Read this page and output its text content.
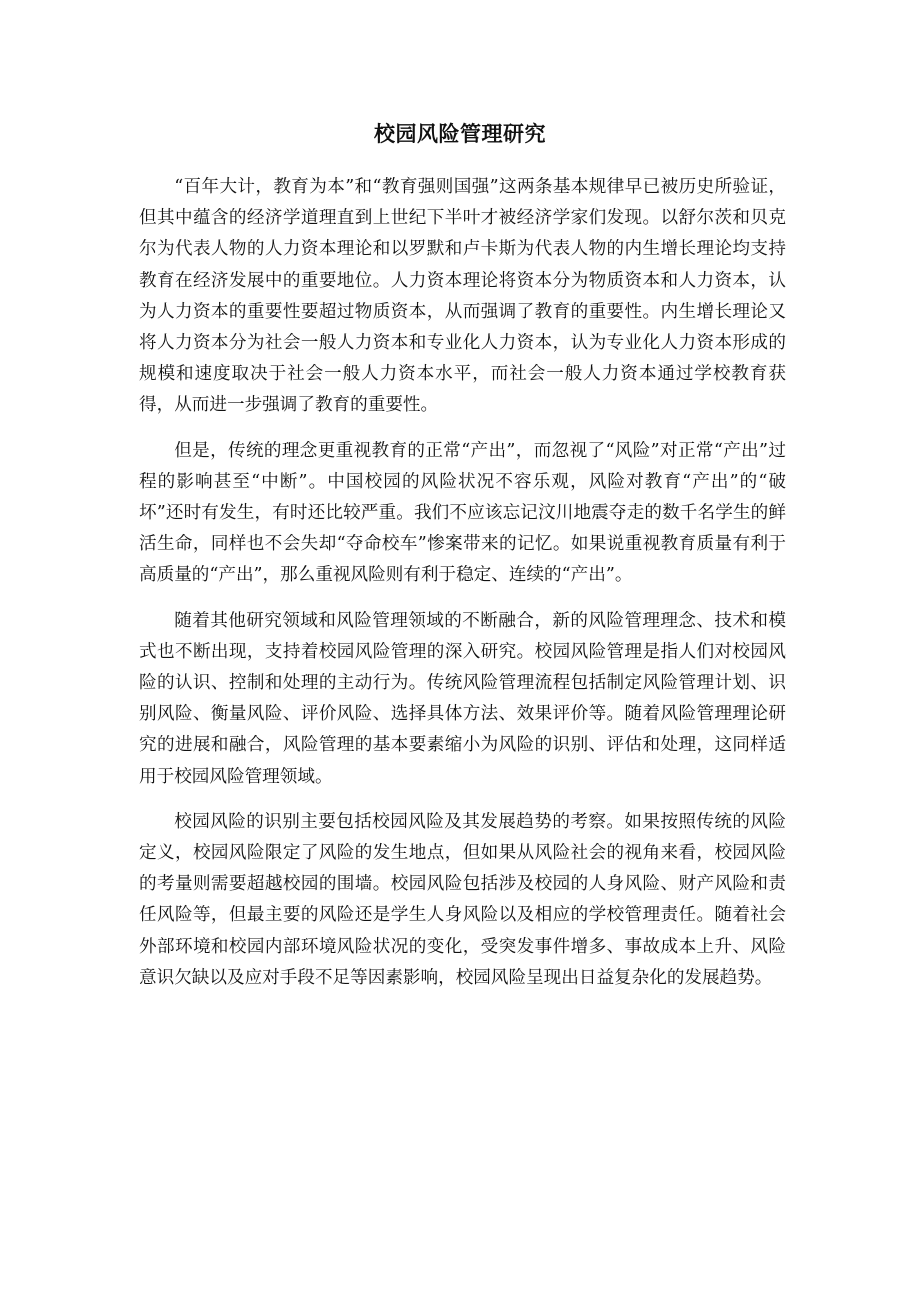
校园风险管理研究

“百年大计，教育为本”和“教育强则国强”这两条基本规律早已被历史所验证，但其中蕴含的经济学道理直到上世纪下半叶才被经济学家们发现。以舒尔茨和贝克尔为代表人物的人力资本理论和以罗默和卢卡斯为代表人物的内生增长理论均支持教育在经济发展中的重要地位。人力资本理论将资本分为物质资本和人力资本，认为人力资本的重要性要超过物质资本，从而强调了教育的重要性。内生增长理论又将人力资本分为社会一般人力资本和专业化人力资本，认为专业化人力资本形成的规模和速度取决于社会一般人力资本水平，而社会一般人力资本通过学校教育获得，从而进一步强调了教育的重要性。

但是，传统的理念更重视教育的正常“产出”，而忽视了“风险”对正常“产出”过程的影响甚至“中断”。中国校园的风险状况不容乐观，风险对教育“产出”的“破坏”还时有发生，有时还比较严重。我们不应该忘记汶川地震夺走的数千名学生的鲜活生命，同样也不会失却“夺命校车”惨案带来的记忆。如果说重视教育质量有利于高质量的“产出”，那么重视风险则有利于稳定、连续的“产出”。

随着其他研究领域和风险管理领域的不断融合，新的风险管理理念、技术和模式也不断出现，支持着校园风险管理的深入研究。校园风险管理是指人们对校园风险的认识、控制和处理的主动行为。传统风险管理流程包括制定风险管理计划、识别风险、衡量风险、评价风险、选择具体方法、效果评价等。随着风险管理理论研究的进展和融合，风险管理的基本要素缩小为风险的识别、评估和处理，这同样适用于校园风险管理领域。

校园风险的识别主要包括校园风险及其发展趋势的考察。如果按照传统的风险定义，校园风险限定了风险的发生地点，但如果从风险社会的视角来看，校园风险的考量则需要超越校园的围墙。校园风险包括涉及校园的人身风险、财产风险和责任风险等，但最主要的风险还是学生人身风险以及相应的学校管理责任。随着社会外部环境和校园内部环境风险状况的变化，受突发事件增多、事故成本上升、风险意识欠缺以及应对手段不足等因素影响，校园风险呈现出日益复杂化的发展趋势。
